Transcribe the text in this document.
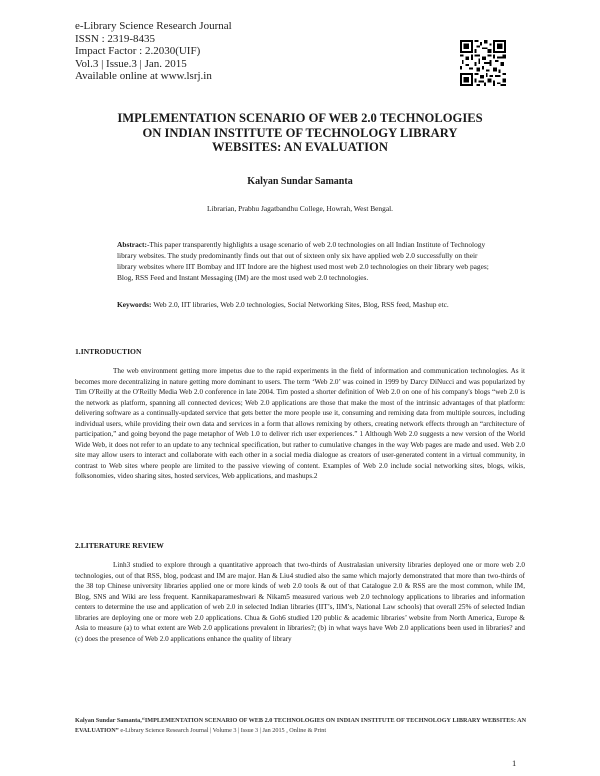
e-Library Science Research Journal
ISSN : 2319-8435
Impact Factor : 2.2030(UIF)
Vol.3 | Issue.3 | Jan. 2015
Available online at www.lsrj.in
IMPLEMENTATION SCENARIO OF WEB 2.0 TECHNOLOGIES
ON INDIAN INSTITUTE OF TECHNOLOGY LIBRARY
WEBSITES: AN EVALUATION
Kalyan Sundar Samanta
Librarian, Prabhu Jagatbandhu College, Howrah, West Bengal.
Abstract:-This paper transparently highlights a usage scenario of web 2.0 technologies on all Indian Institute of Technology library websites. The study predominantly finds out that out of sixteen only six have applied web 2.0 successfully on their library websites where IIT Bombay and IIT Indore are the highest used most web 2.0 technologies on their library web pages; Blog, RSS Feed and Instant Messaging (IM) are the most used web 2.0 technologies.
Keywords: Web 2.0, IIT libraries, Web 2.0 technologies, Social Networking Sites, Blog, RSS feed, Mashup etc.
1.INTRODUCTION
The web environment getting more impetus due to the rapid experiments in the field of information and communication technologies. As it becomes more decentralizing in nature getting more dominant to users. The term ‘Web 2.0’ was coined in 1999 by Darcy DiNucci and was popularized by Tim O'Reilly at the O'Reilly Media Web 2.0 conference in late 2004. Tim posted a shorter definition of Web 2.0 on one of his company's blogs “web 2.0 is the network as platform, spanning all connected devices; Web 2.0 applications are those that make the most of the intrinsic advantages of that platform: delivering software as a continually-updated service that gets better the more people use it, consuming and remixing data from multiple sources, including individual users, while providing their own data and services in a form that allows remixing by others, creating network effects through an “architecture of participation,” and going beyond the page metaphor of Web 1.0 to deliver rich user experiences.” 1 Although Web 2.0 suggests a new version of the World Wide Web, it does not refer to an update to any technical specification, but rather to cumulative changes in the way Web pages are made and used. Web 2.0 site may allow users to interact and collaborate with each other in a social media dialogue as creators of user-generated content in a virtual community, in contrast to Web sites where people are limited to the passive viewing of content. Examples of Web 2.0 include social networking sites, blogs, wikis, folksonomies, video sharing sites, hosted services, Web applications, and mashups.2
2.LITERATURE REVIEW
Linh3 studied to explore through a quantitative approach that two-thirds of Australasian university libraries deployed one or more web 2.0 technologies, out of that RSS, blog, podcast and IM are major. Han & Liu4 studied also the same which majorly demonstrated that more than two-thirds of the 38 top Chinese university libraries applied one or more kinds of web 2.0 tools & out of that Catalogue 2.0 & RSS are the most common, while IM, Blog, SNS and Wiki are less frequent. Kannikaparameshwari & Nikam5 measured various web 2.0 technology applications to libraries and information centers to determine the use and application of web 2.0 in selected Indian libraries (IIT’s, IIM’s, National Law schools) that overall 25% of selected Indian libraries are deploying one or more web 2.0 applications. Chua & Goh6 studied 120 public & academic libraries’ website from North America, Europe & Asia to measure (a) to what extent are Web 2.0 applications prevalent in libraries?; (b) in what ways have Web 2.0 applications been used in libraries? and (c) does the presence of Web 2.0 applications enhance the quality of library
Kalyan Sundar Samanta,“IMPLEMENTATION SCENARIO OF WEB 2.0 TECHNOLOGIES ON INDIAN INSTITUTE OF TECHNOLOGY LIBRARY WEBSITES: AN EVALUATION” e-Library Science Research Journal | Volume 3 | Issue 3 | Jan 2015 , Online & Print
1
